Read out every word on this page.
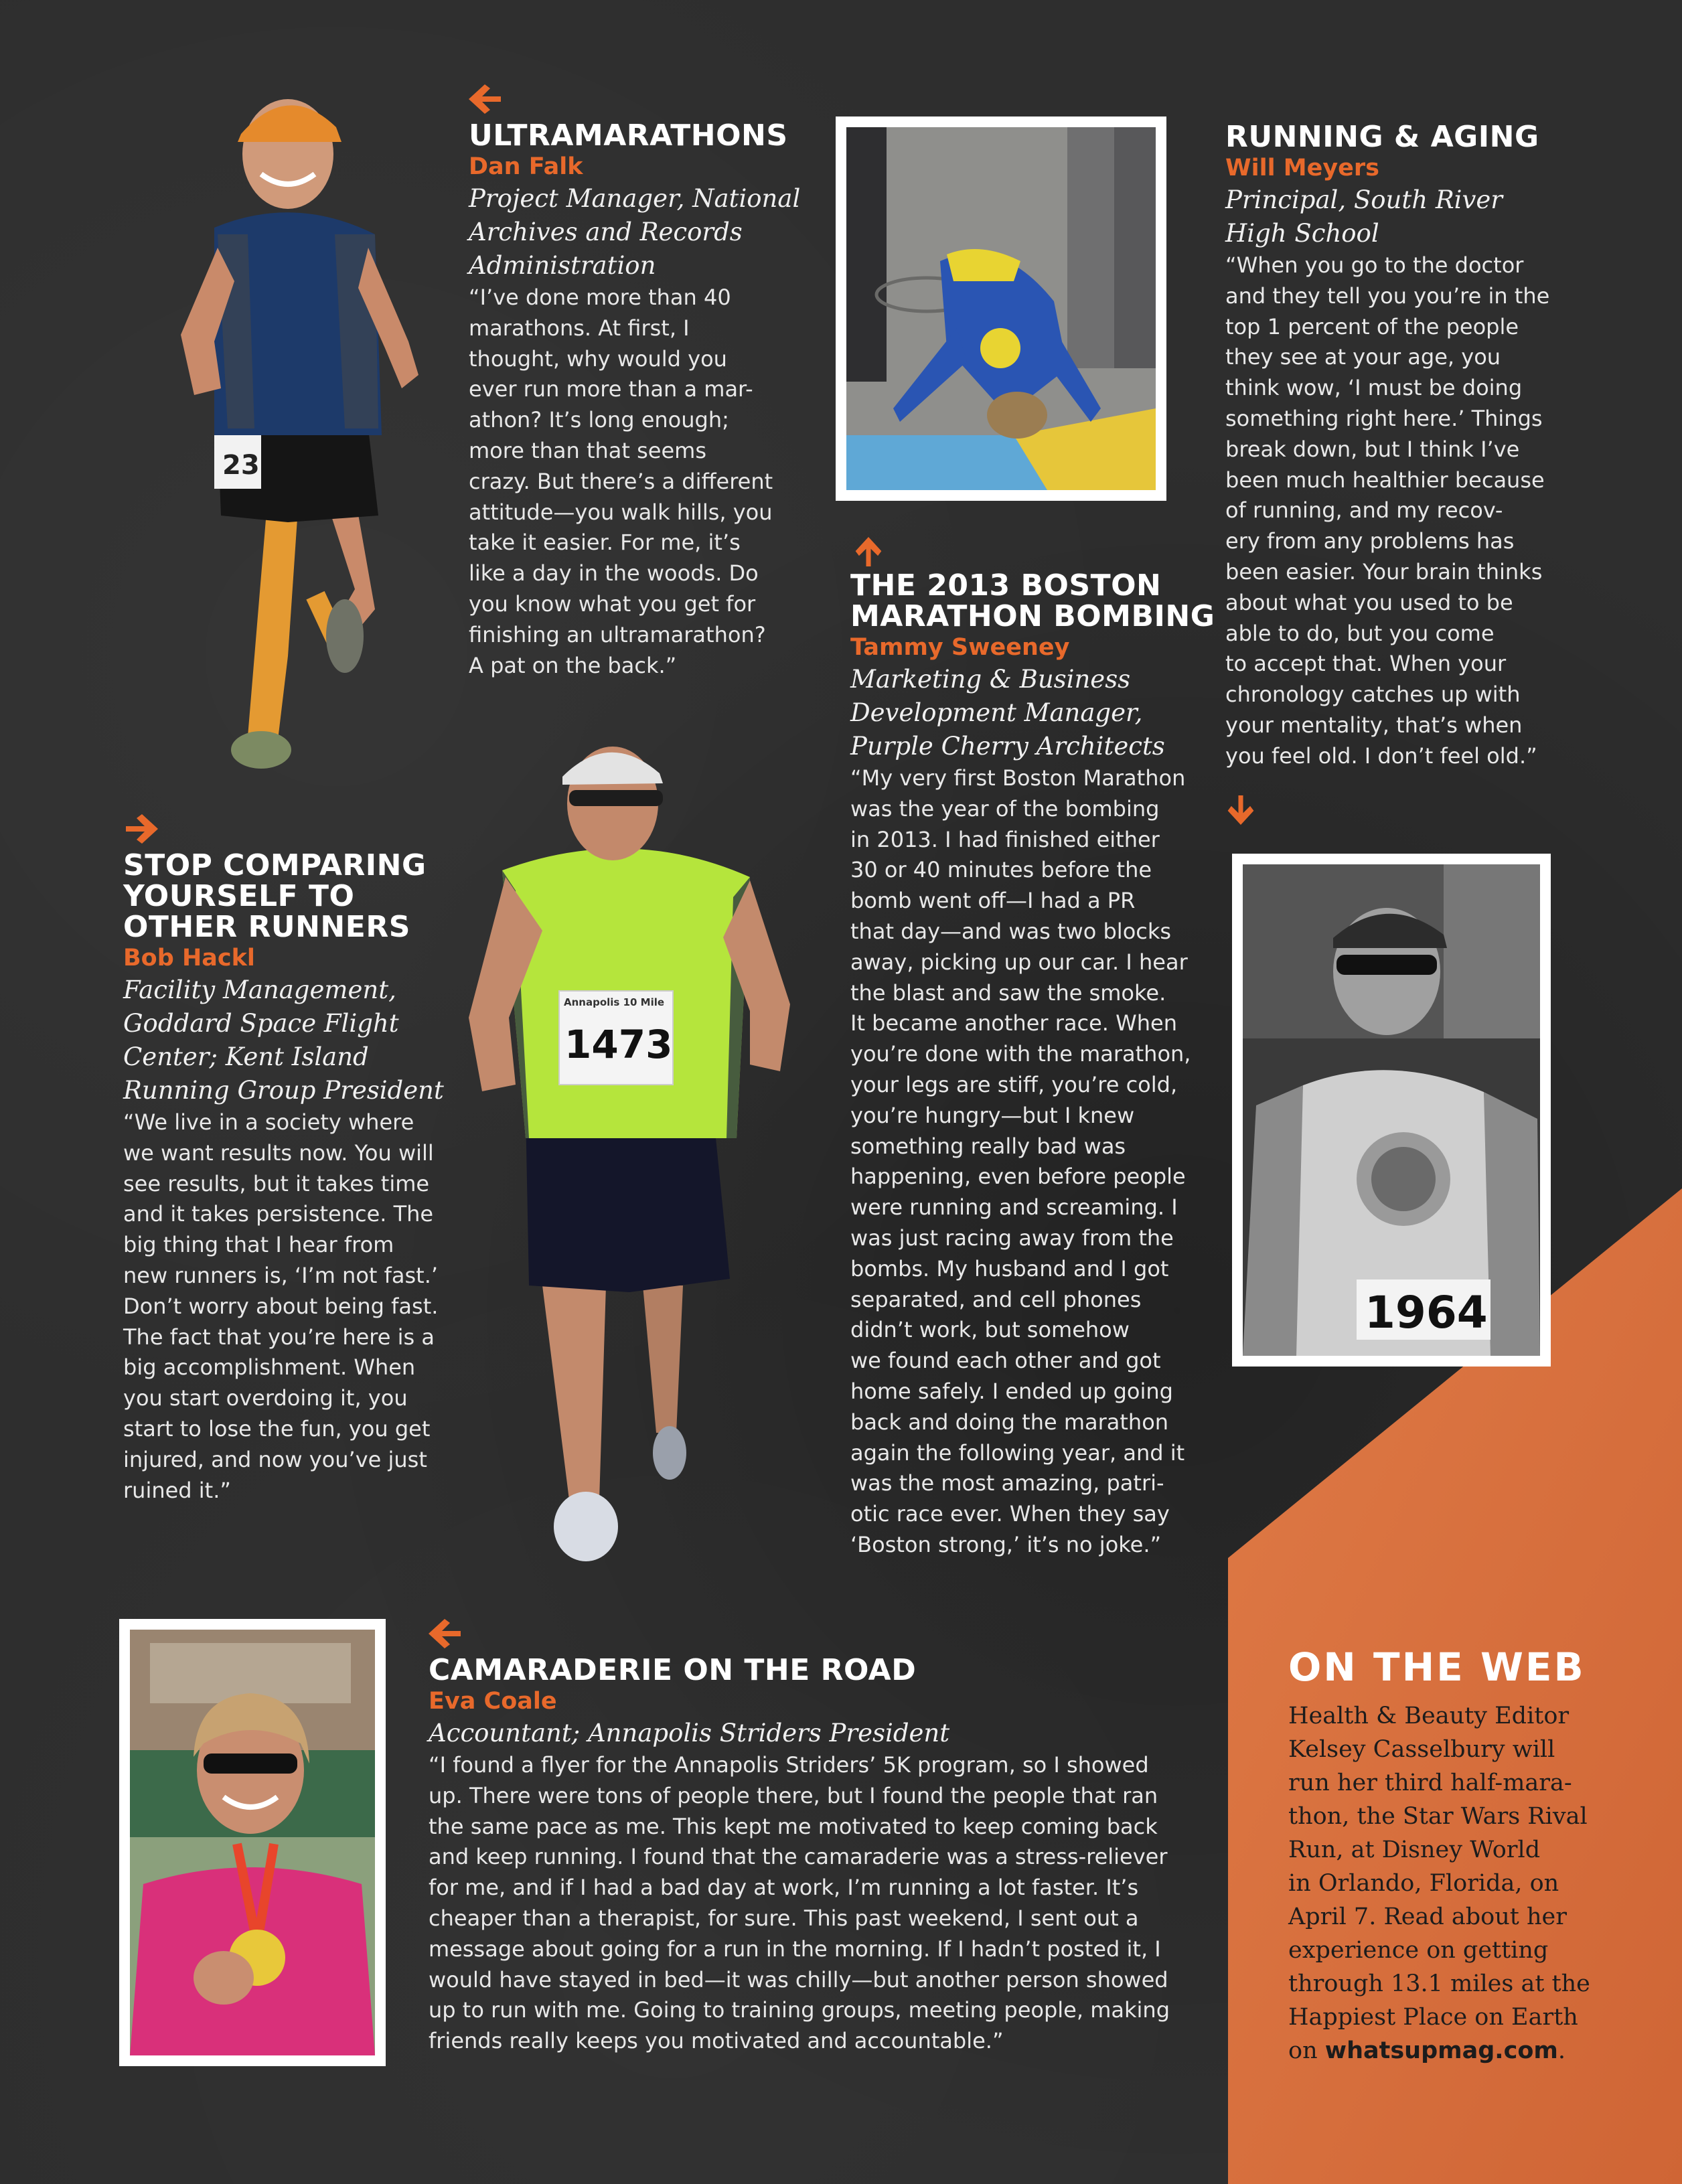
23
Annapolis 10 Mile
1473
1964
ULTRAMARATHONS
Dan Falk
Project Manager, National
Archives and Records
Administration
“I’ve done more than 40
marathons. At first, I
thought, why would you
ever run more than a mar-
athon? It’s long enough;
more than that seems
crazy. But there’s a different
attitude—you walk hills, you
take it easier. For me, it’s
like a day in the woods. Do
you know what you get for
finishing an ultramarathon?
A pat on the back.”
RUNNING & AGING
Will Meyers
Principal, South River
High School
“When you go to the doctor
and they tell you you’re in the
top 1 percent of the people
they see at your age, you
think wow, ‘I must be doing
something right here.’ Things
break down, but I think I’ve
been much healthier because
of running, and my recov-
ery from any problems has
been easier. Your brain thinks
about what you used to be
able to do, but you come
to accept that. When your
chronology catches up with
your mentality, that’s when
you feel old. I don’t feel old.”
THE 2013 BOSTON
MARATHON BOMBING
Tammy Sweeney
Marketing & Business
Development Manager,
Purple Cherry Architects
“My very first Boston Marathon
was the year of the bombing
in 2013. I had finished either
30 or 40 minutes before the
bomb went off—I had a PR
that day—and was two blocks
away, picking up our car. I hear
the blast and saw the smoke.
It became another race. When
you’re done with the marathon,
your legs are stiff, you’re cold,
you’re hungry—but I knew
something really bad was
happening, even before people
were running and screaming. I
was just racing away from the
bombs. My husband and I got
separated, and cell phones
didn’t work, but somehow
we found each other and got
home safely. I ended up going
back and doing the marathon
again the following year, and it
was the most amazing, patri-
otic race ever. When they say
‘Boston strong,’ it’s no joke.”
STOP COMPARING
YOURSELF TO
OTHER RUNNERS
Bob Hackl
Facility Management,
Goddard Space Flight
Center; Kent Island
Running Group President
“We live in a society where
we want results now. You will
see results, but it takes time
and it takes persistence. The
big thing that I hear from
new runners is, ‘I’m not fast.’
Don’t worry about being fast.
The fact that you’re here is a
big accomplishment. When
you start overdoing it, you
start to lose the fun, you get
injured, and now you’ve just
ruined it.”
CAMARADERIE ON THE ROAD
Eva Coale
Accountant; Annapolis Striders President
“I found a flyer for the Annapolis Striders’ 5K program, so I showed
up. There were tons of people there, but I found the people that ran
the same pace as me. This kept me motivated to keep coming back
and keep running. I found that the camaraderie was a stress-reliever
for me, and if I had a bad day at work, I’m running a lot faster. It’s
cheaper than a therapist, for sure. This past weekend, I sent out a
message about going for a run in the morning. If I hadn’t posted it, I
would have stayed in bed—it was chilly—but another person showed
up to run with me. Going to training groups, meeting people, making
friends really keeps you motivated and accountable.”
ON THE WEB
Health & Beauty Editor
Kelsey Casselbury will
run her third half-mara-
thon, the Star Wars Rival
Run, at Disney World
in Orlando, Florida, on
April 7. Read about her
experience on getting
through 13.1 miles at the
Happiest Place on Earth
on whatsupmag.com.
